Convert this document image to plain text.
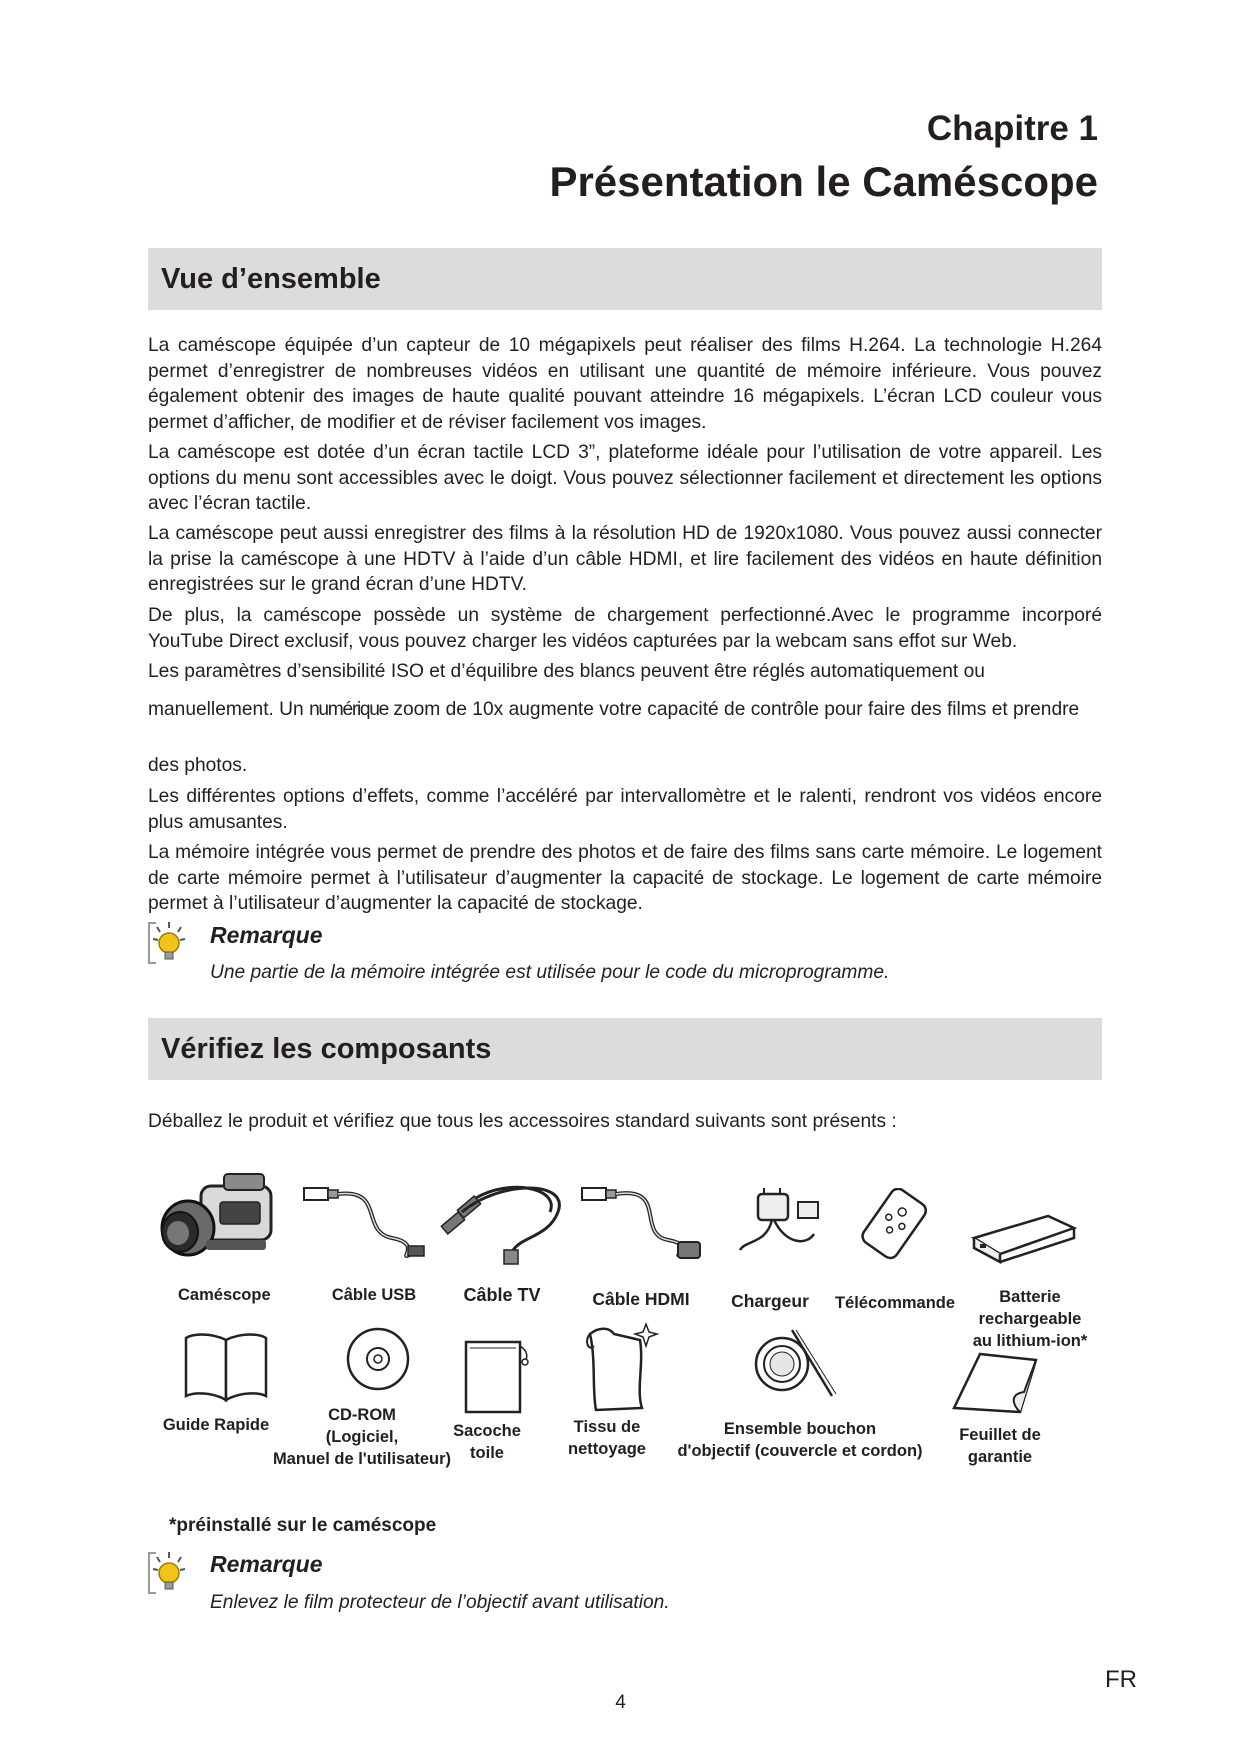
Chapitre 1
Présentation le Caméscope
Vue d’ensemble

La caméscope équipée d’un capteur de 10 mégapixels peut réaliser des films H.264. La technologie H.264 permet d’enregistrer de nombreuses vidéos en utilisant une quantité de mémoire inférieure. Vous pouvez également obtenir des images de haute qualité pouvant atteindre 16 mégapixels. L’écran LCD couleur vous permet d’afficher, de modifier et de réviser facilement vos images.

La caméscope est dotée d’un écran tactile LCD 3”, plateforme idéale pour l’utilisation de votre appareil. Les options du menu sont accessibles avec le doigt. Vous pouvez sélectionner facilement et directement les options avec l’écran tactile.

La caméscope peut aussi enregistrer des films à la résolution HD de 1920x1080. Vous pouvez aussi connecter la prise la caméscope à une HDTV à l’aide d’un câble HDMI, et lire facilement des vidéos en haute définition enregistrées sur le grand écran d’une HDTV.

De plus, la caméscope possède un système de chargement perfectionné.Avec le programme incorporé YouTube Direct exclusif, vous pouvez charger les vidéos capturées par la webcam sans effot sur Web.

Les paramètres d’sensibilité ISO et d’équilibre des blancs peuvent être réglés automatiquement ou

manuellement. Un numérique zoom de 10x augmente votre capacité de contrôle pour faire des films et prendre

des photos.

Les différentes options d’effets, comme l’accéléré par intervallomètre et le ralenti, rendront vos vidéos encore plus amusantes.

La mémoire intégrée vous permet de prendre des photos et de faire des films sans carte mémoire. Le logement de carte mémoire permet à l’utilisateur d’augmenter la capacité de stockage. Le logement de carte mémoire permet à l’utilisateur d’augmenter la capacité de stockage.

Remarque
Une partie de la mémoire intégrée est utilisée pour le code du microprogramme.
Vérifiez les composants

Déballez le produit et vérifiez que tous les accessoires standard suivants sont présents :

Caméscope	Câble USB	Câble TV	Câble HDMI	Chargeur	Télécommande	Batterie
rechargeable
au lithium-ion*
Guide Rapide
CD-ROM
(Logiciel,
Manuel de l'utilisateur)
Sacoche
toile
Tissu de
nettoyage
Ensemble bouchon
d'objectif (couvercle et cordon)
Feuillet de
garantie
*préinstallé sur le caméscope
Remarque
Enlevez le film protecteur de l’objectif avant utilisation.
FR
4
